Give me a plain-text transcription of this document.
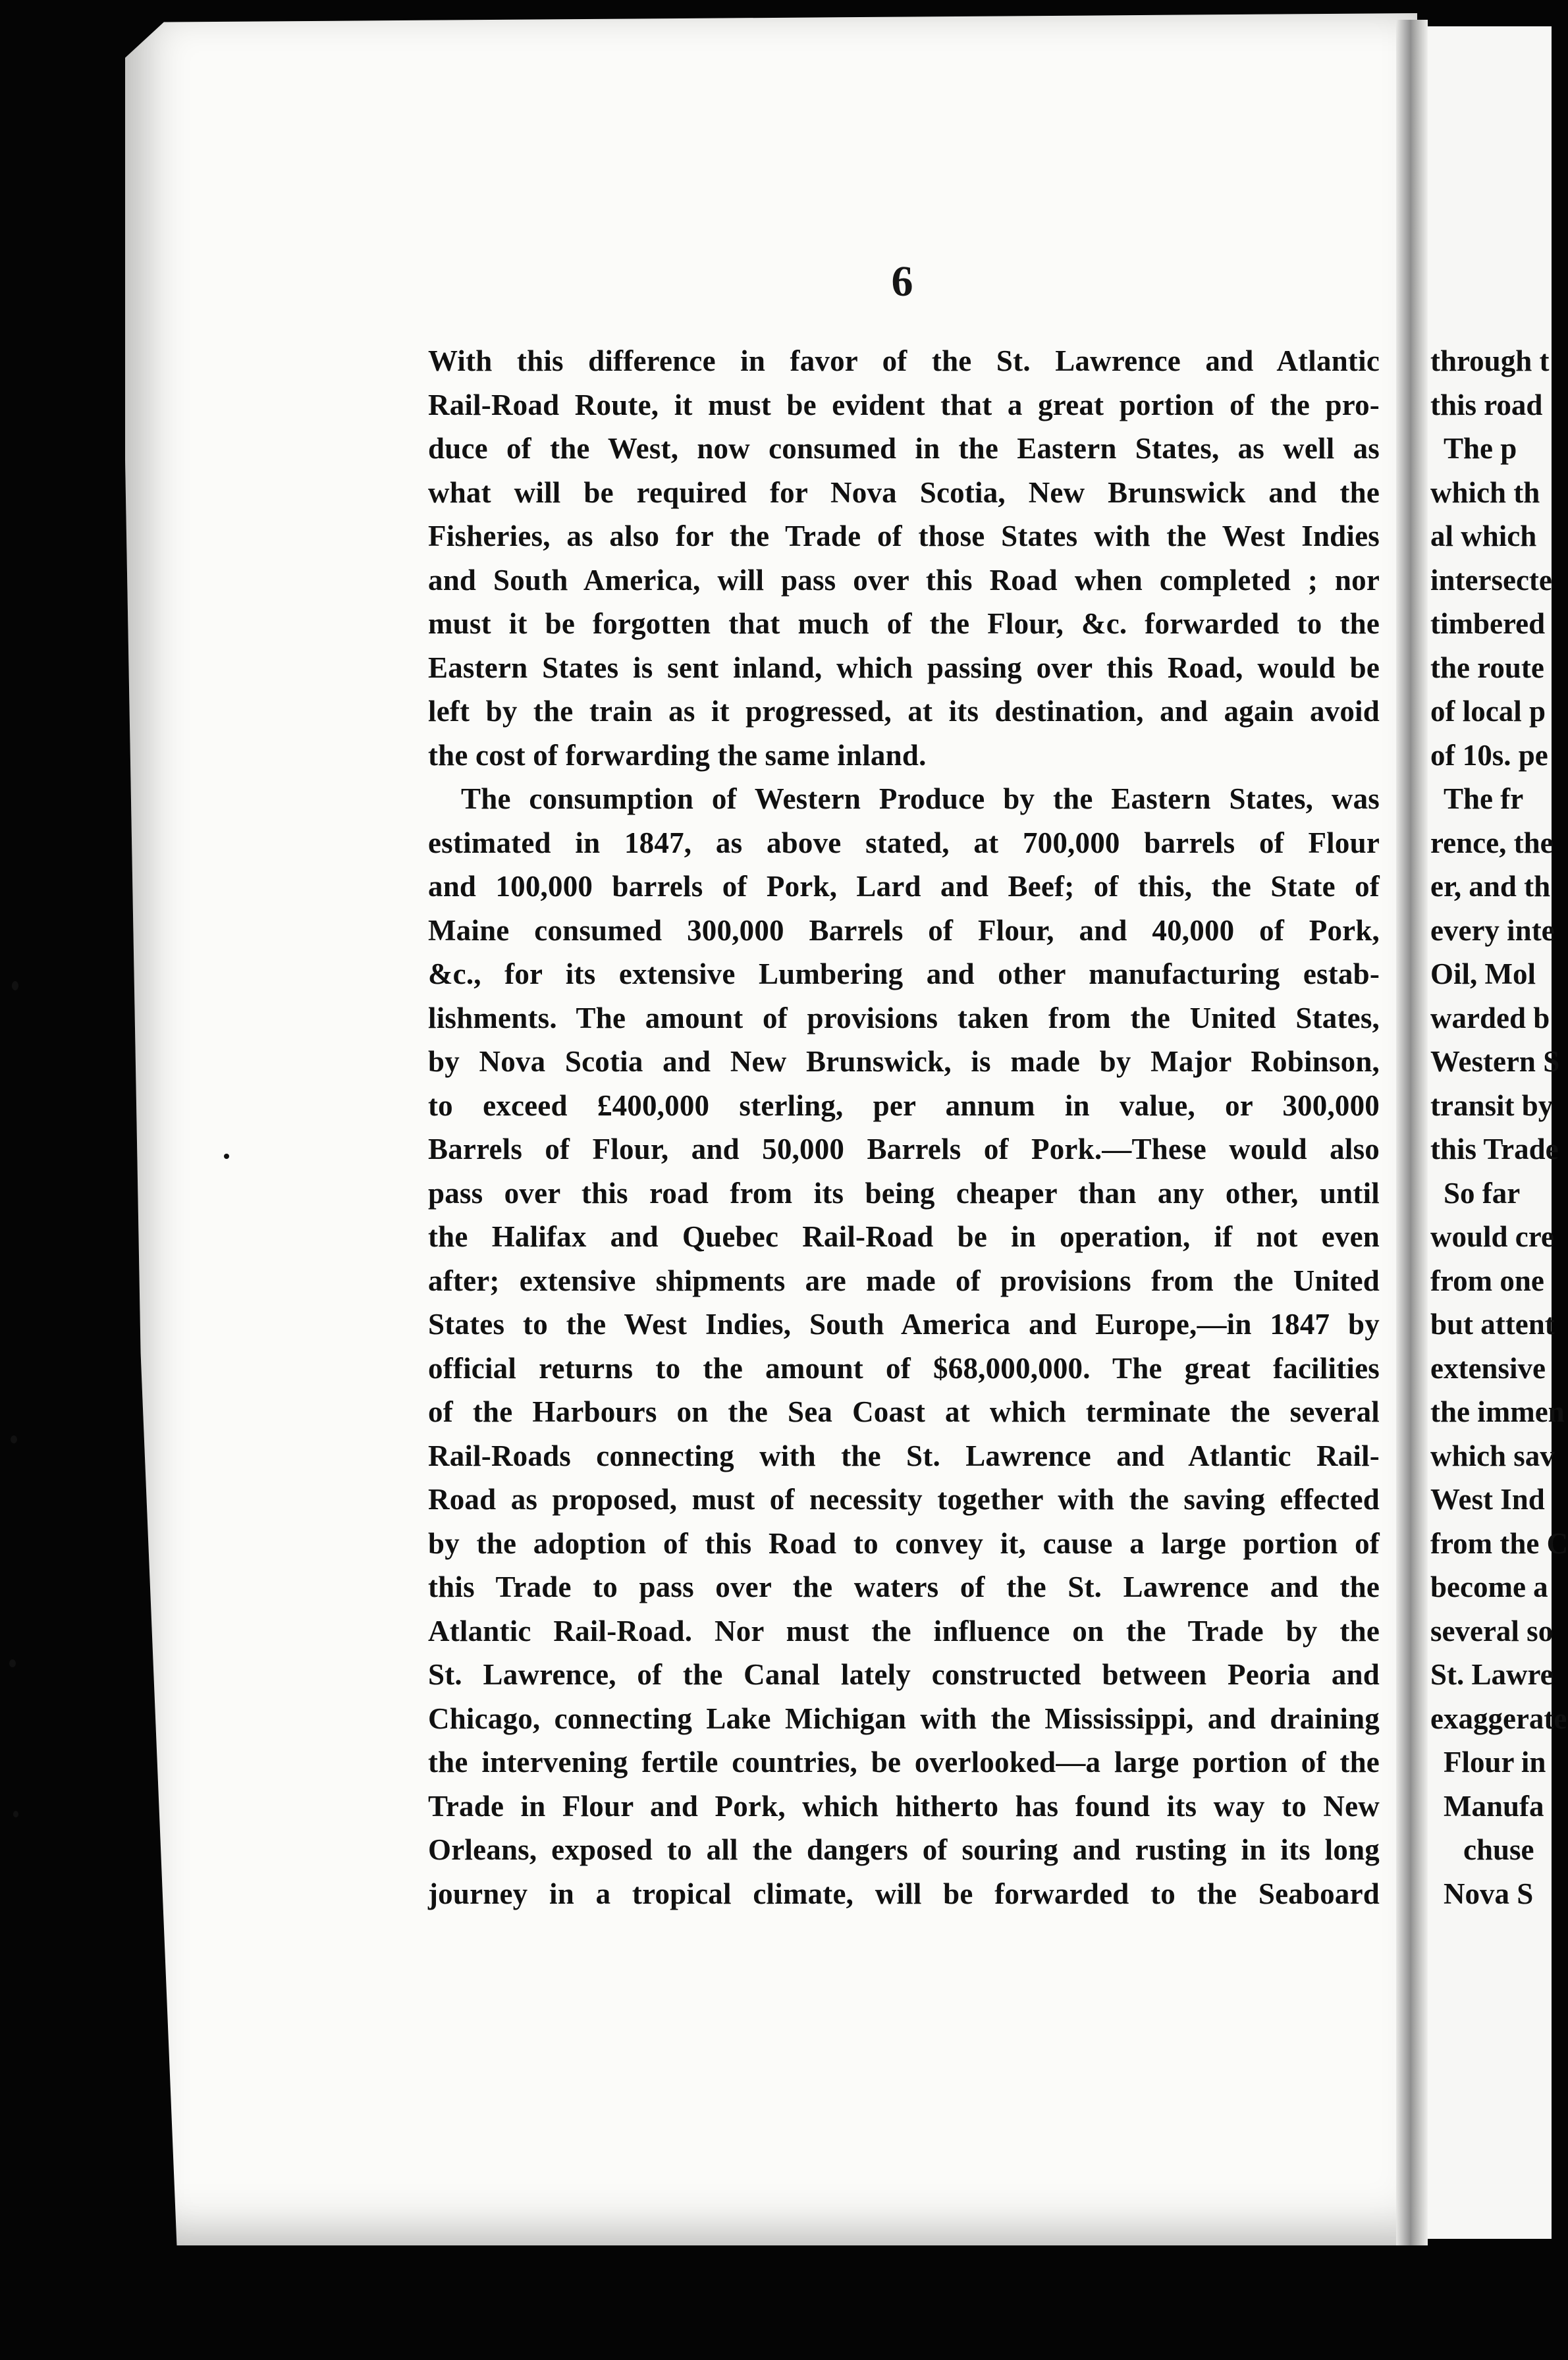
6
With this difference in favor of the St. Lawrence and Atlantic
Rail-Road Route, it must be evident that a great portion of the pro-
duce of the West, now consumed in the Eastern States, as well as
what will be required for Nova Scotia, New Brunswick and the
Fisheries, as also for the Trade of those States with the West Indies
and South America, will pass over this Road when completed ; nor
must it be forgotten that much of the Flour, &c. forwarded to the
Eastern States is sent inland, which passing over this Road, would be
left by the train as it progressed, at its destination, and again avoid
the cost of forwarding the same inland.
The consumption of Western Produce by the Eastern States, was
estimated in 1847, as above stated, at 700,000 barrels of Flour
and 100,000 barrels of Pork, Lard and Beef; of this, the State of
Maine consumed 300,000 Barrels of Flour, and 40,000 of Pork,
&c., for its extensive Lumbering and other manufacturing estab-
lishments. The amount of provisions taken from the United States,
by Nova Scotia and New Brunswick, is made by Major Robinson,
to exceed £400,000 sterling, per annum in value, or 300,000
Barrels of Flour, and 50,000 Barrels of Pork.—These would also
pass over this road from its being cheaper than any other, until
the Halifax and Quebec Rail-Road be in operation, if not even
after; extensive shipments are made of provisions from the United
States to the West Indies, South America and Europe,—in 1847 by
official returns to the amount of $68,000,000. The great facilities
of the Harbours on the Sea Coast at which terminate the several
Rail-Roads connecting with the St. Lawrence and Atlantic Rail-
Road as proposed, must of necessity together with the saving effected
by the adoption of this Road to convey it, cause a large portion of
this Trade to pass over the waters of the St. Lawrence and the
Atlantic Rail-Road. Nor must the influence on the Trade by the
St. Lawrence, of the Canal lately constructed between Peoria and
Chicago, connecting Lake Michigan with the Mississippi, and draining
the intervening fertile countries, be overlooked—a large portion of the
Trade in Flour and Pork, which hitherto has found its way to New
Orleans, exposed to all the dangers of souring and rusting in its long
journey in a tropical climate, will be forwarded to the Seaboard
through t
this road
The p
which th
al which
intersecte
timbered
the route
of local p
of 10s. pe
The fr
rence, the
er, and th
every inte
Oil, Mol
warded b
Western S
transit by
this Trade
So far
would cre
from one
but attent
extensive
the immen
which sav
West Ind
from the C
become a
several so
St. Lawre
exaggerate
Flour in
Manufa
chuse
Nova S
